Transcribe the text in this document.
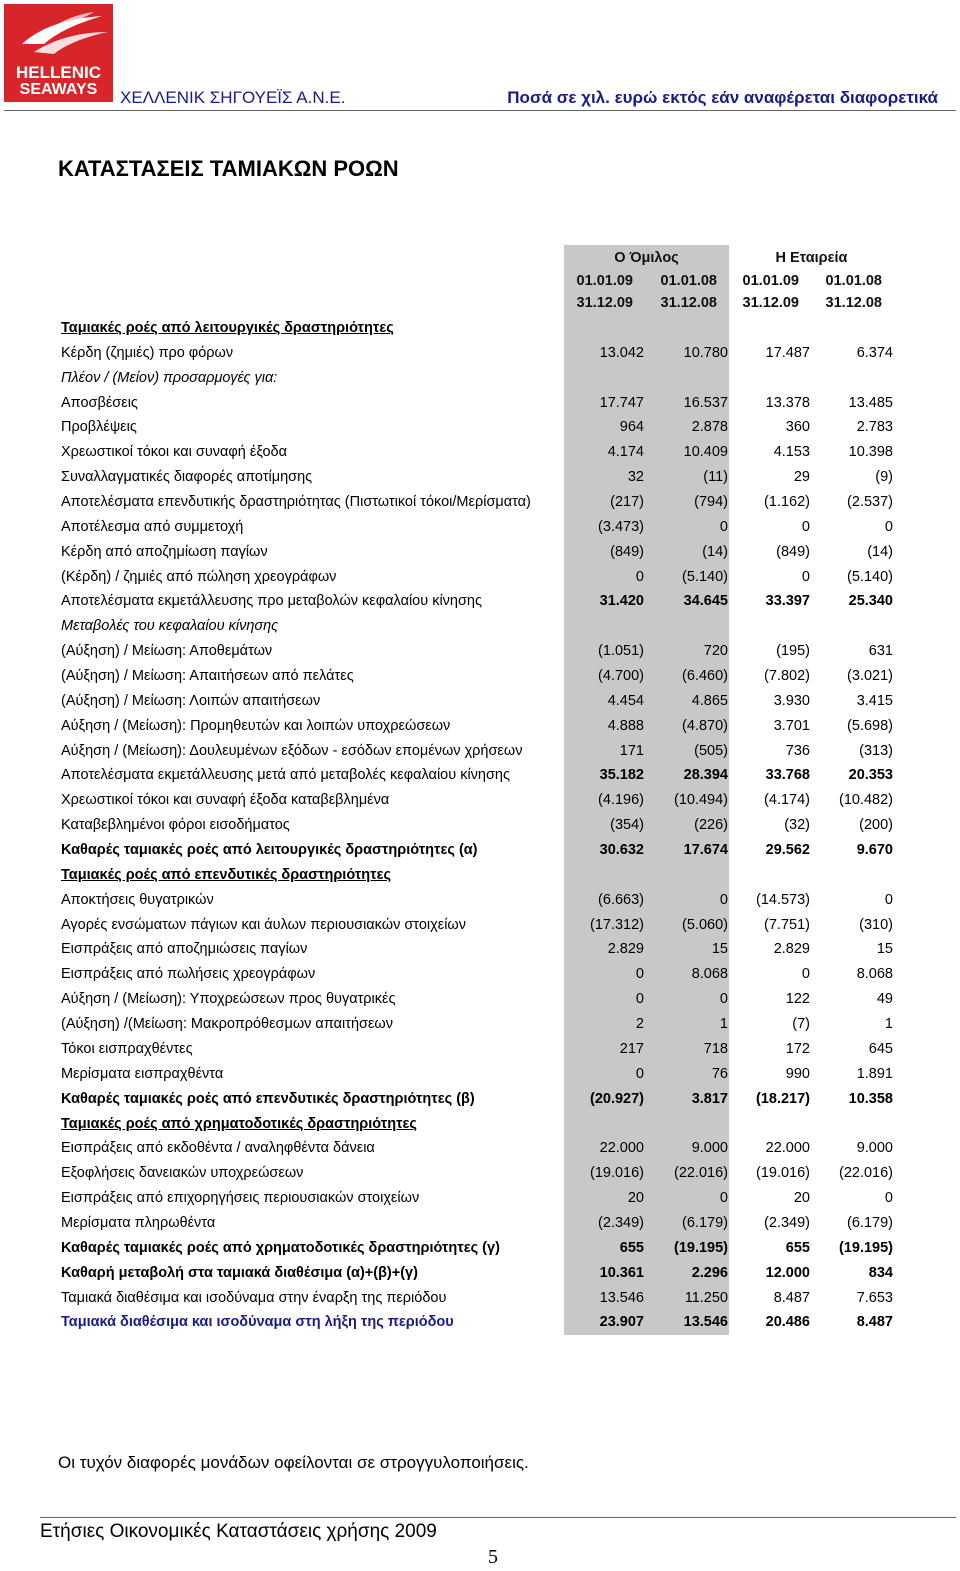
HELLENIC
SEAWAYS	ΧΕΛΛΕΝΙΚ ΣΗΓΟΥΕΪΣ Α.Ν.Ε.	Ποσά σε χιλ. ευρώ εκτός εάν αναφέρεται διαφορετικά
ΚΑΤΑΣΤΑΣΕΙΣ ΤΑΜΙΑΚΩΝ ΡΟΩΝ
Ο Όμιλος	Η Εταιρεία
01.01.09 01.01.08 01.01.09 01.01.08
31.12.09 31.12.08 31.12.09 31.12.08
Ταμιακές ροές από λειτουργικές δραστηριότητες
Κέρδη (ζημιές) προ φόρων	13.042	10.780	17.487	6.374
Πλέον / (Μείον) προσαρμογές για:
Αποσβέσεις	17.747	16.537	13.378	13.485
Προβλέψεις	964	2.878	360	2.783
Χρεωστικοί τόκοι και συναφή έξοδα	4.174	10.409	4.153	10.398
Συναλλαγματικές διαφορές αποτίμησης	32	(11)	29	(9)
Αποτελέσματα επενδυτικής δραστηριότητας (Πιστωτικοί τόκοι/Μερίσματα)	(217)	(794) (1.162)	(2.537)
Αποτέλεσμα από συμμετοχή	(3.473)	0	0	0
Κέρδη από αποζημίωση παγίων	(849)	(14)	(849)	(14)
(Κέρδη) / ζημιές από πώληση χρεογράφων	0	(5.140)	0	(5.140)
Αποτελέσματα εκμετάλλευσης προ μεταβολών κεφαλαίου κίνησης	31.420	34.645	33.397	25.340
Μεταβολές του κεφαλαίου κίνησης
(Αύξηση) / Μείωση: Αποθεμάτων	(1.051)	720	(195)	631
(Αύξηση) / Μείωση: Απαιτήσεων από πελάτες	(4.700)	(6.460) (7.802)	(3.021)
(Αύξηση) / Μείωση: Λοιπών απαιτήσεων	4.454	4.865	3.930	3.415
Αύξηση / (Μείωση): Προμηθευτών και λοιπών υποχρεώσεων	4.888	(4.870)	3.701	(5.698)
Αύξηση / (Μείωση): Δουλευμένων εξόδων - εσόδων επομένων χρήσεων	171	(505)	736	(313)
Αποτελέσματα εκμετάλλευσης μετά από μεταβολές κεφαλαίου κίνησης	35.182	28.394	33.768	20.353
Χρεωστικοί τόκοι και συναφή έξοδα καταβεβλημένα	(4.196) (10.494) (4.174) (10.482)
Καταβεβλημένοι φόροι εισοδήματος	(354)	(226)	(32)	(200)
Καθαρές ταμιακές ροές από λειτουργικές δραστηριότητες (α)	30.632	17.674	29.562	9.670
Ταμιακές ροές από επενδυτικές δραστηριότητες
Αποκτήσεις θυγατρικών	(6.663)	0 (14.573)	0
Αγορές ενσώματων πάγιων και άυλων περιουσιακών στοιχείων	(17.312)	(5.060) (7.751)	(310)
Εισπράξεις από αποζημιώσεις παγίων	2.829	15	2.829	15
Εισπράξεις από πωλήσεις χρεογράφων	0	8.068	0	8.068
Αύξηση / (Μείωση): Υποχρεώσεων προς θυγατρικές	0	0	122	49
(Αύξηση) /(Μείωση: Μακροπρόθεσμων απαιτήσεων	2	1	(7)	1
Τόκοι εισπραχθέντες	217	718	172	645
Μερίσματα εισπραχθέντα	0	76	990	1.891
Καθαρές ταμιακές ροές από επενδυτικές δραστηριότητες (β)	(20.927)	3.817 (18.217)	10.358
Ταμιακές ροές από χρηματοδοτικές δραστηριότητες
Εισπράξεις από εκδοθέντα / αναληφθέντα δάνεια	22.000	9.000	22.000	9.000
Εξοφλήσεις δανειακών υποχρεώσεων	(19.016) (22.016) (19.016) (22.016)
Εισπράξεις από επιχορηγήσεις περιουσιακών στοιχείων	20	0	20	0
Μερίσματα πληρωθέντα	(2.349)	(6.179) (2.349)	(6.179)
Καθαρές ταμιακές ροές από χρηματοδοτικές δραστηριότητες (γ)	655 (19.195)	655 (19.195)
Καθαρή μεταβολή στα ταμιακά διαθέσιμα (α)+(β)+(γ)	10.361	2.296	12.000	834
Ταμιακά διαθέσιμα και ισοδύναμα στην έναρξη της περιόδου	13.546	11.250	8.487	7.653
Ταμιακά διαθέσιμα και ισοδύναμα στη λήξη της περιόδου	23.907	13.546	20.486	8.487
Οι τυχόν διαφορές μονάδων οφείλονται σε στρογγυλοποιήσεις.
Ετήσιες Οικονομικές Καταστάσεις χρήσης 2009
5
